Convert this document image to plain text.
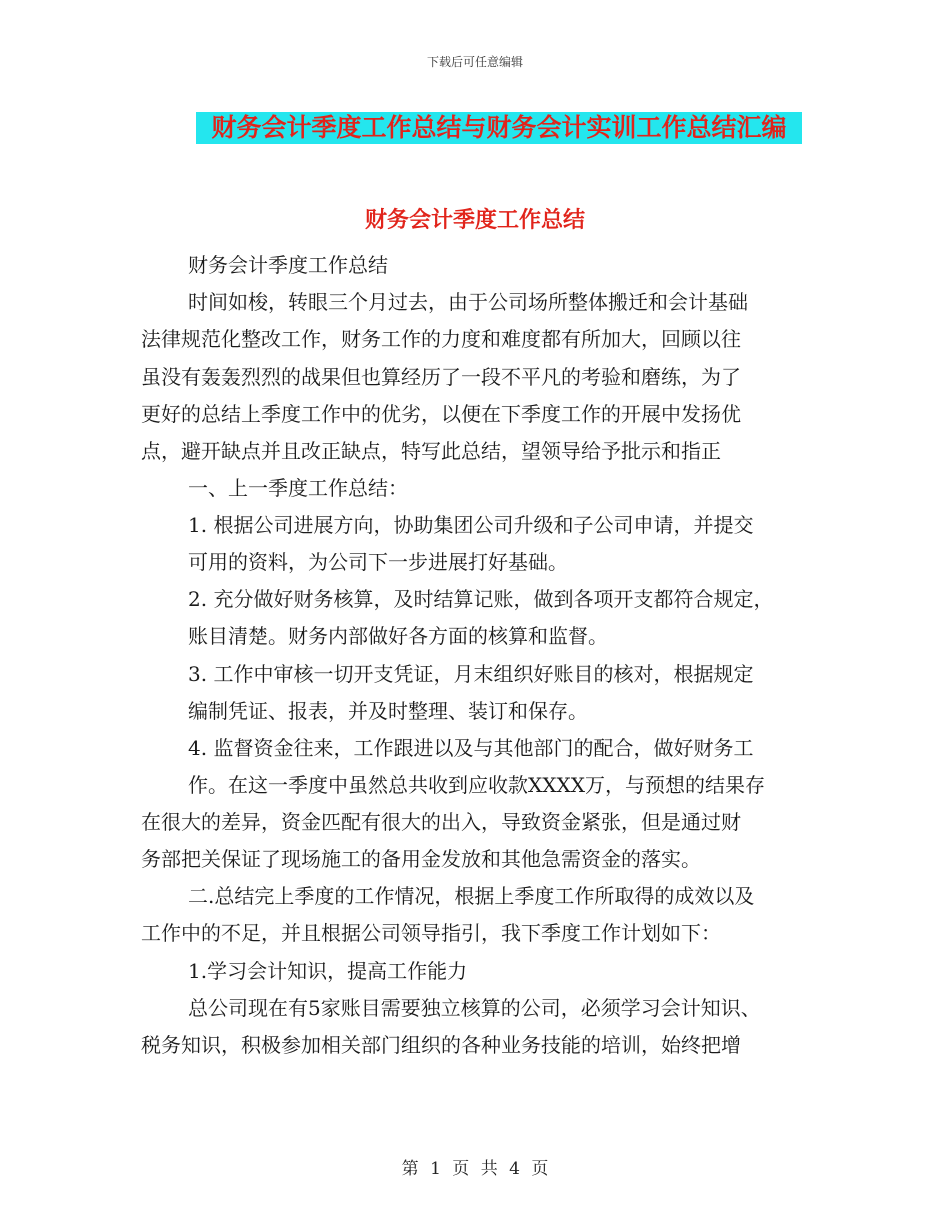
下载后可任意编辑
财务会计季度工作总结与财务会计实训工作总结汇编
财务会计季度工作总结
财务会计季度工作总结
时间如梭，转眼三个月过去，由于公司场所整体搬迁和会计基础
法律规范化整改工作，财务工作的力度和难度都有所加大，回顾以往
虽没有轰轰烈烈的战果但也算经历了一段不平凡的考验和磨练，为了
更好的总结上季度工作中的优劣，以便在下季度工作的开展中发扬优
点，避开缺点并且改正缺点，特写此总结，望领导给予批示和指正
一、上一季度工作总结：
1. 根据公司进展方向，协助集团公司升级和子公司申请，并提交
可用的资料，为公司下一步进展打好基础。
2. 充分做好财务核算，及时结算记账，做到各项开支都符合规定，
账目清楚。财务内部做好各方面的核算和监督。
3. 工作中审核一切开支凭证，月末组织好账目的核对，根据规定
编制凭证、报表，并及时整理、装订和保存。
4. 监督资金往来，工作跟进以及与其他部门的配合，做好财务工
作。在这一季度中虽然总共收到应收款XXXX万，与预想的结果存
在很大的差异，资金匹配有很大的出入，导致资金紧张，但是通过财
务部把关保证了现场施工的备用金发放和其他急需资金的落实。
二.总结完上季度的工作情况，根据上季度工作所取得的成效以及
工作中的不足，并且根据公司领导指引，我下季度工作计划如下：
1.学习会计知识，提高工作能力
总公司现在有5家账目需要独立核算的公司，必须学习会计知识、
税务知识，积极参加相关部门组织的各种业务技能的培训，始终把增
第 1 页 共 4 页
